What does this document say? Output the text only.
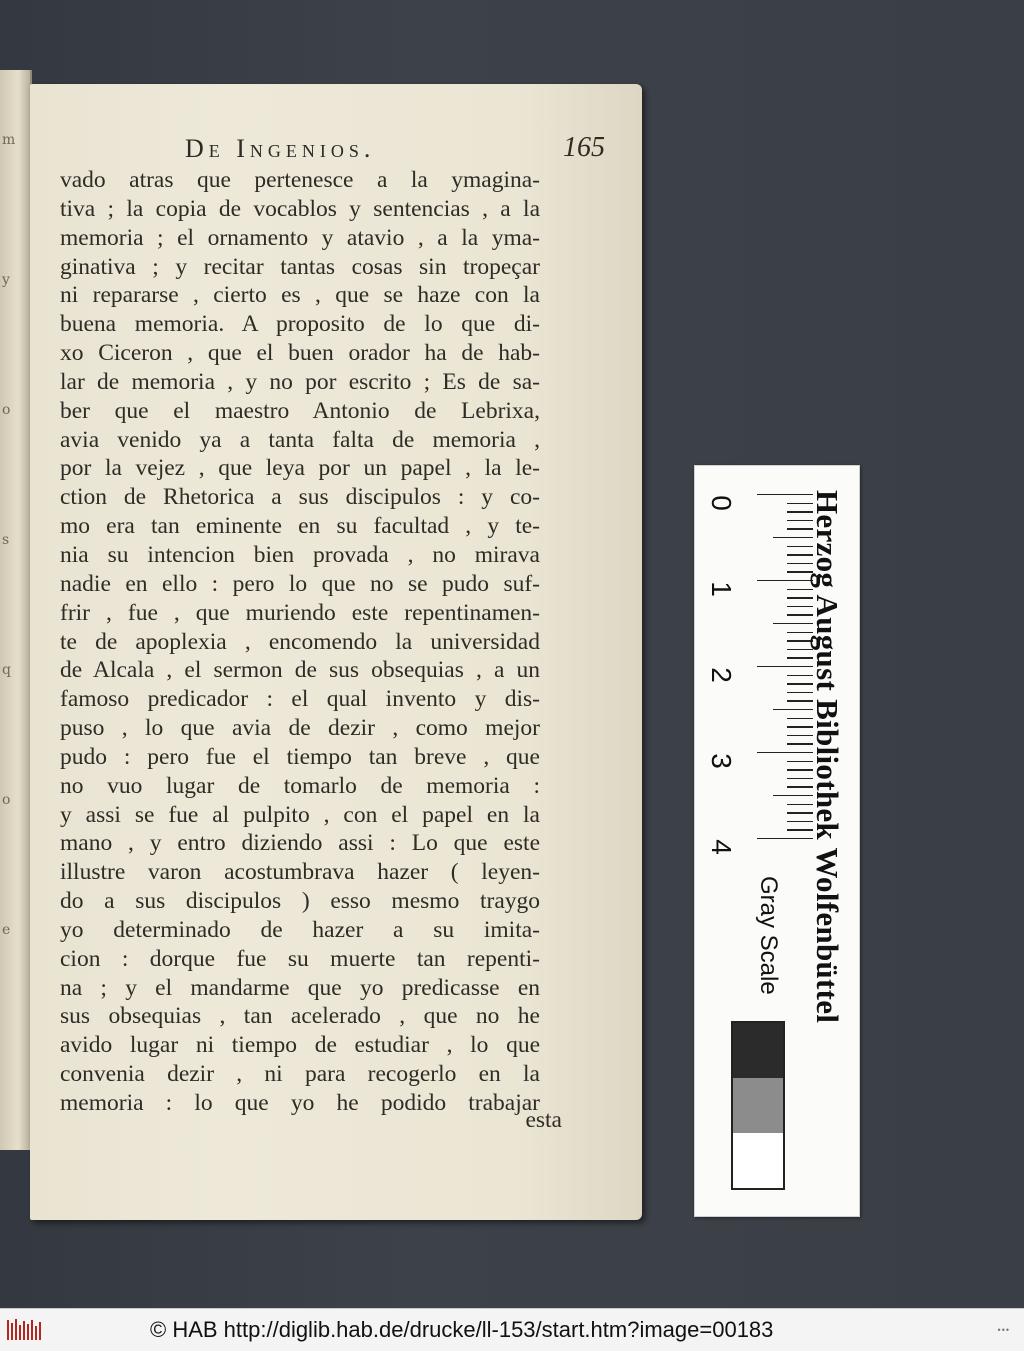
m
y
o
s
q
o
e
De Ingenios.	165
vado atras que pertenesce a la ymagina-
tiva ; la copia de vocablos y sentencias , a la
memoria ; el ornamento y atavio , a la yma-
ginativa ; y recitar tantas cosas sin tropeçar
ni repararse , cierto es , que se haze con la
buena memoria. A proposito de lo que di-
xo Ciceron , que el buen orador ha de hab-
lar de memoria , y no por escrito ; Es de sa-
ber que el maestro Antonio de Lebrixa,
avia venido ya a tanta falta de memoria ,
por la vejez , que leya por un papel , la le-
ction de Rhetorica a sus discipulos : y co-
mo era tan eminente en su facultad , y te-
nia su intencion bien provada , no mirava
nadie en ello : pero lo que no se pudo suf-
frir , fue , que muriendo este repentinamen-
te de apoplexia , encomendo la universidad
de Alcala , el sermon de sus obsequias , a un
famoso predicador : el qual invento y dis-
puso , lo que avia de dezir , como mejor
pudo : pero fue el tiempo tan breve , que
no vuo lugar de tomarlo de memoria :
y assi se fue al pulpito , con el papel en la
mano , y entro diziendo assi : Lo que este
illustre varon acostumbrava hazer ( leyen-
do a sus discipulos ) esso mesmo traygo
yo determinado de hazer a su imita-
cion : dorque fue su muerte tan repenti-
na ; y el mandarme que yo predicasse en
sus obsequias , tan acelerado , que no he
avido lugar ni tiempo de estudiar , lo que
convenia dezir , ni para recogerlo en la
memoria : lo que yo he podido trabajar
esta
0
1
2
3
4 Herzog August Bibliothek Wolfenbüttel
Gray Scale
© HAB http://diglib.hab.de/drucke/ll-153/start.htm?image=00183	•••
